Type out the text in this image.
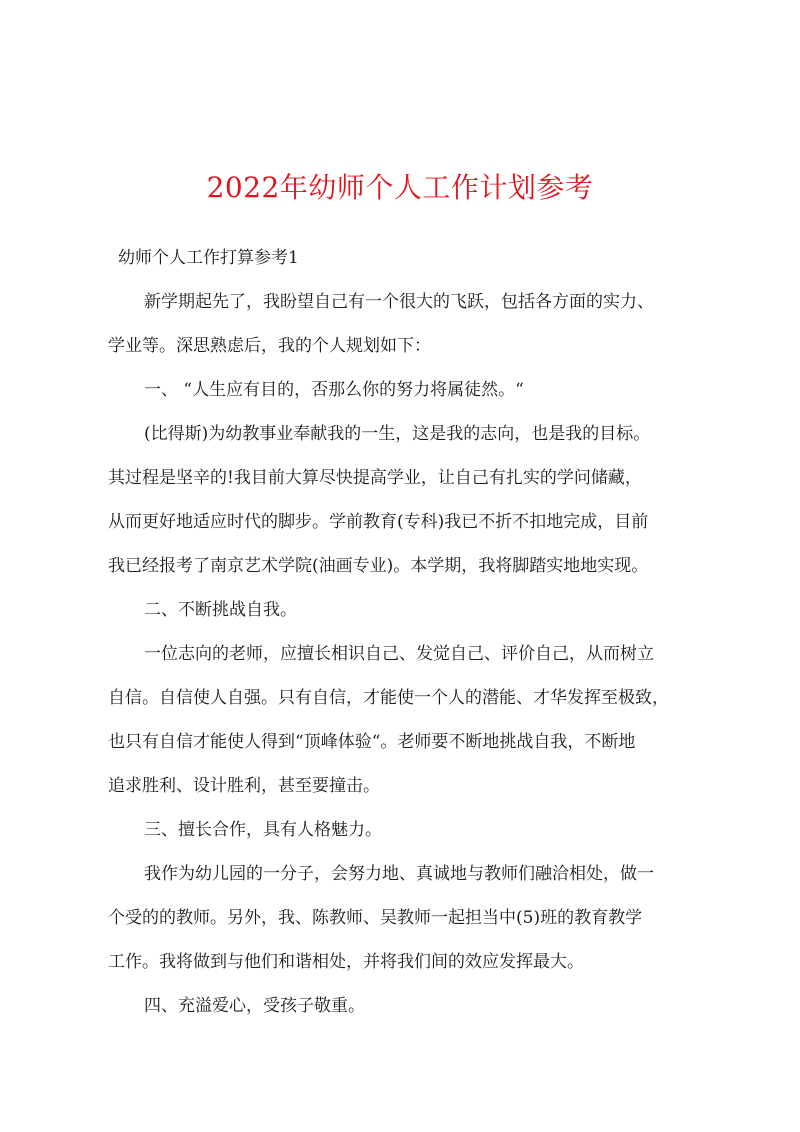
2022年幼师个人工作计划参考
幼师个人工作打算参考1
新学期起先了，我盼望自己有一个很大的飞跃，包括各方面的实力、
学业等。深思熟虑后，我的个人规划如下：
一、 “人生应有目的，否那么你的努力将属徒然。“
(比得斯)为幼教事业奉献我的一生，这是我的志向，也是我的目标。
其过程是坚辛的!我目前大算尽快提高学业，让自己有扎实的学问储藏，
从而更好地适应时代的脚步。学前教育(专科)我已不折不扣地完成，目前
我已经报考了南京艺术学院(油画专业)。本学期，我将脚踏实地地实现。
二、不断挑战自我。
一位志向的老师，应擅长相识自己、发觉自己、评价自己，从而树立
自信。自信使人自强。只有自信，才能使一个人的潜能、才华发挥至极致，
也只有自信才能使人得到“顶峰体验“。老师要不断地挑战自我，不断地
追求胜利、设计胜利，甚至要撞击。
三、擅长合作，具有人格魅力。
我作为幼儿园的一分子，会努力地、真诚地与教师们融洽相处，做一
个受的的教师。另外，我、陈教师、吴教师一起担当中(5)班的教育教学
工作。我将做到与他们和谐相处，并将我们间的效应发挥最大。
四、充溢爱心，受孩子敬重。
